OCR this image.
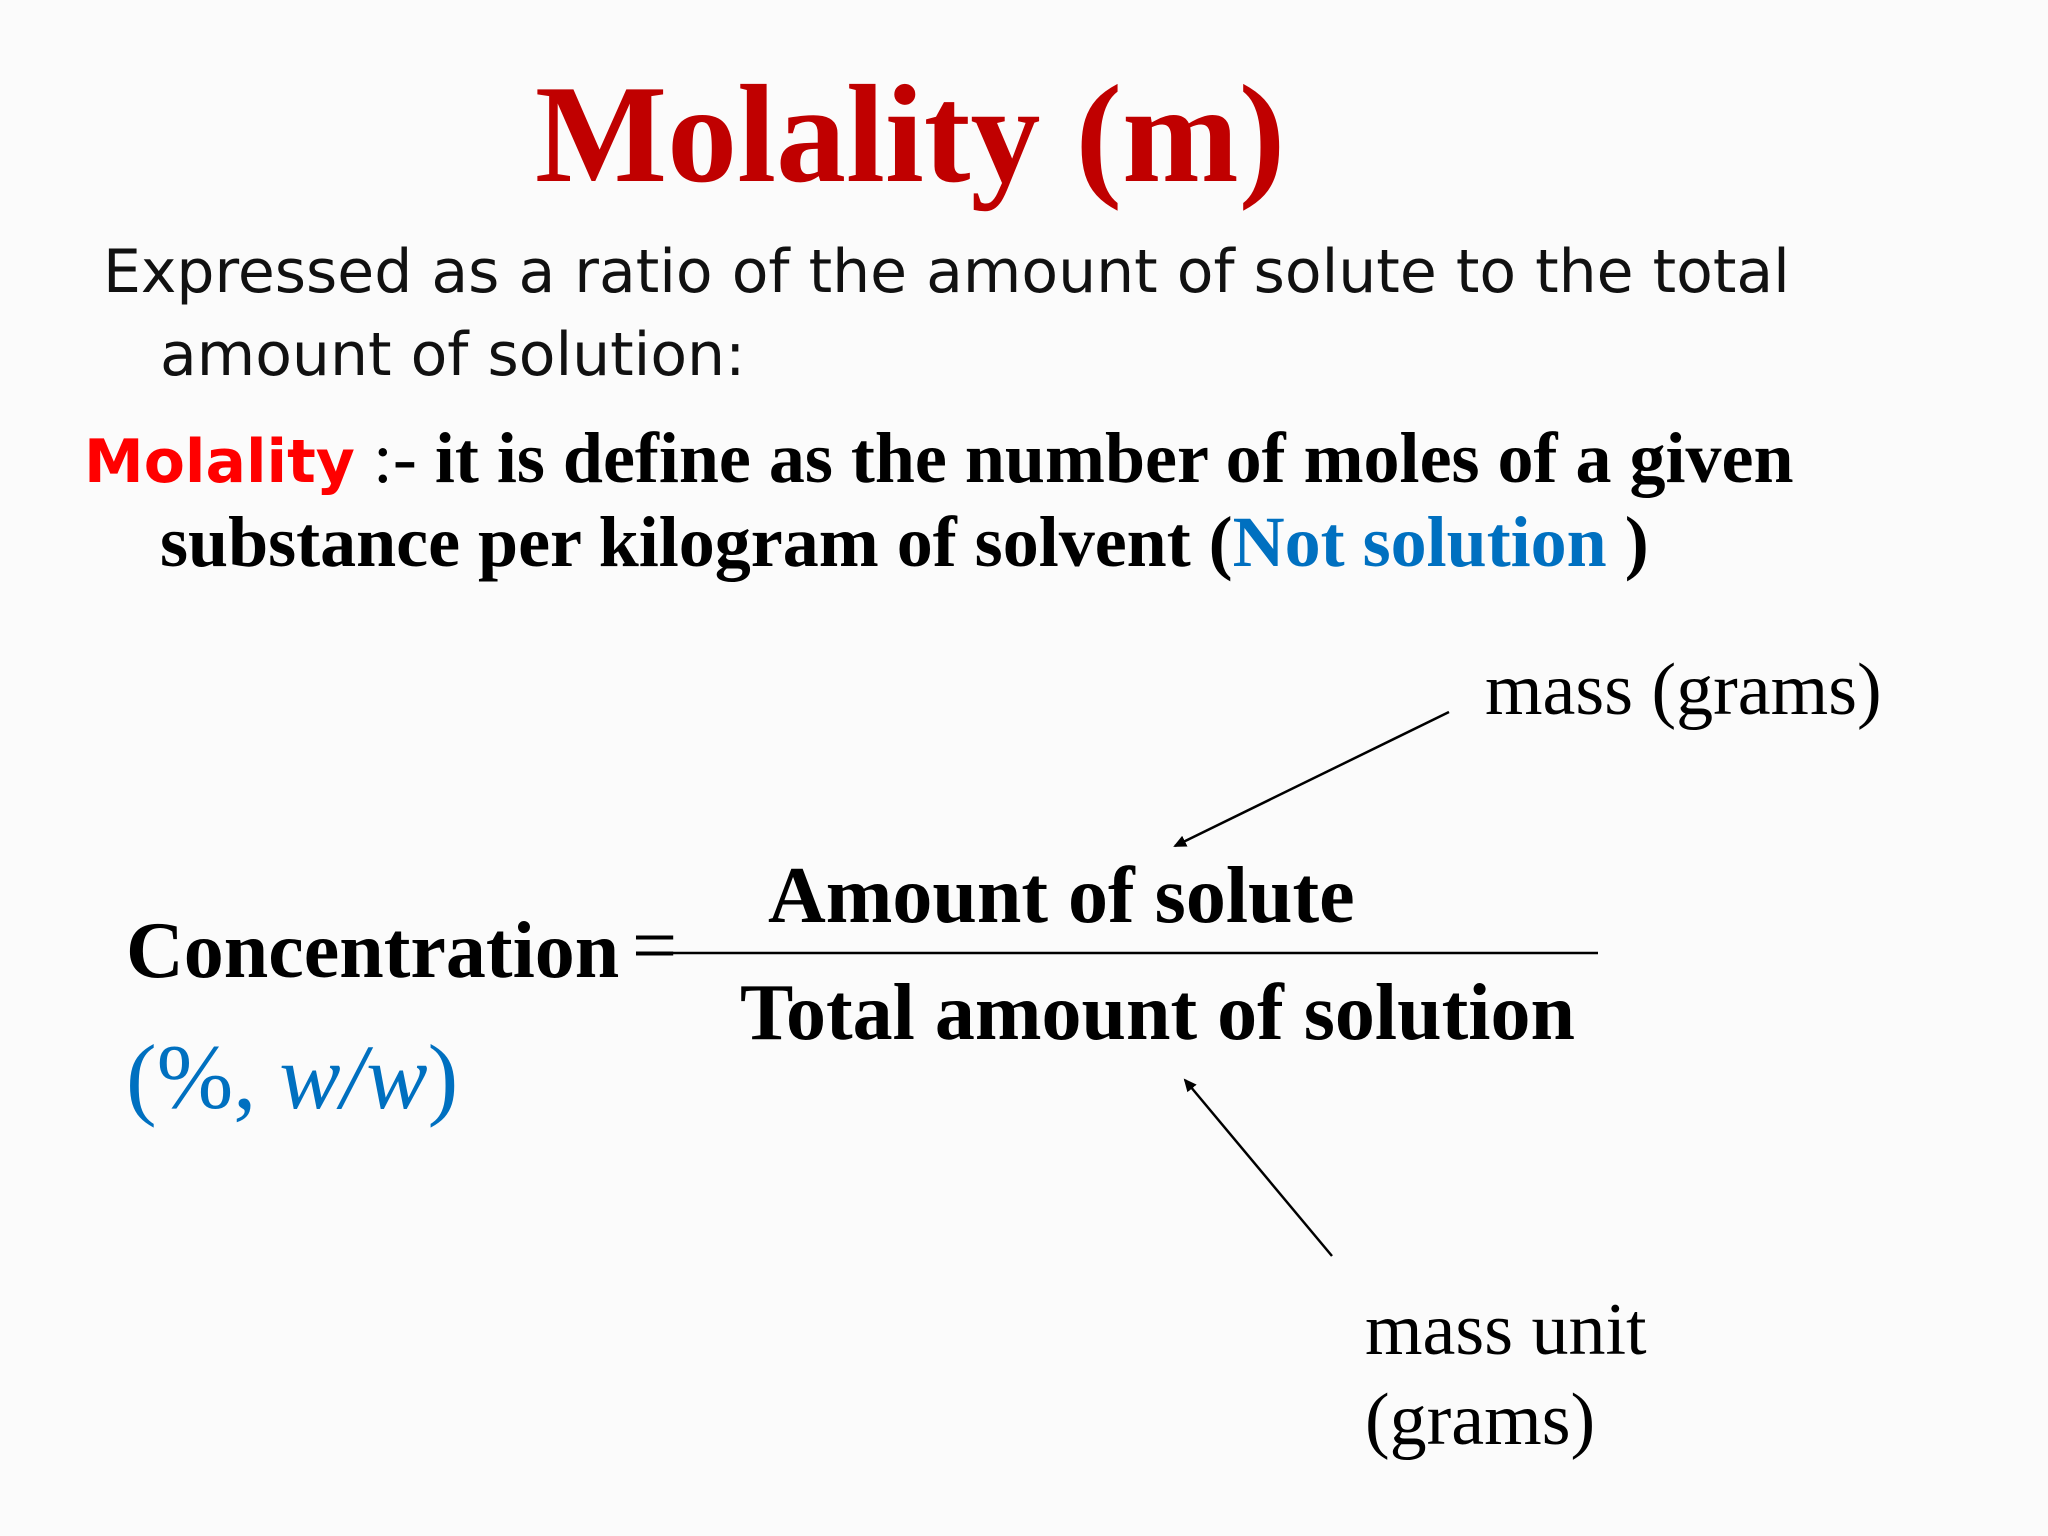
Molality (m)
Expressed as a ratio of the amount of solute to the total
amount of solution:
Molality :- it is define as the number of moles of a given
substance per kilogram of solvent (Not solution )
mass (grams)
Amount of solute
Concentration =
Total amount of solution
(%, w/w)
mass unit
(grams)
